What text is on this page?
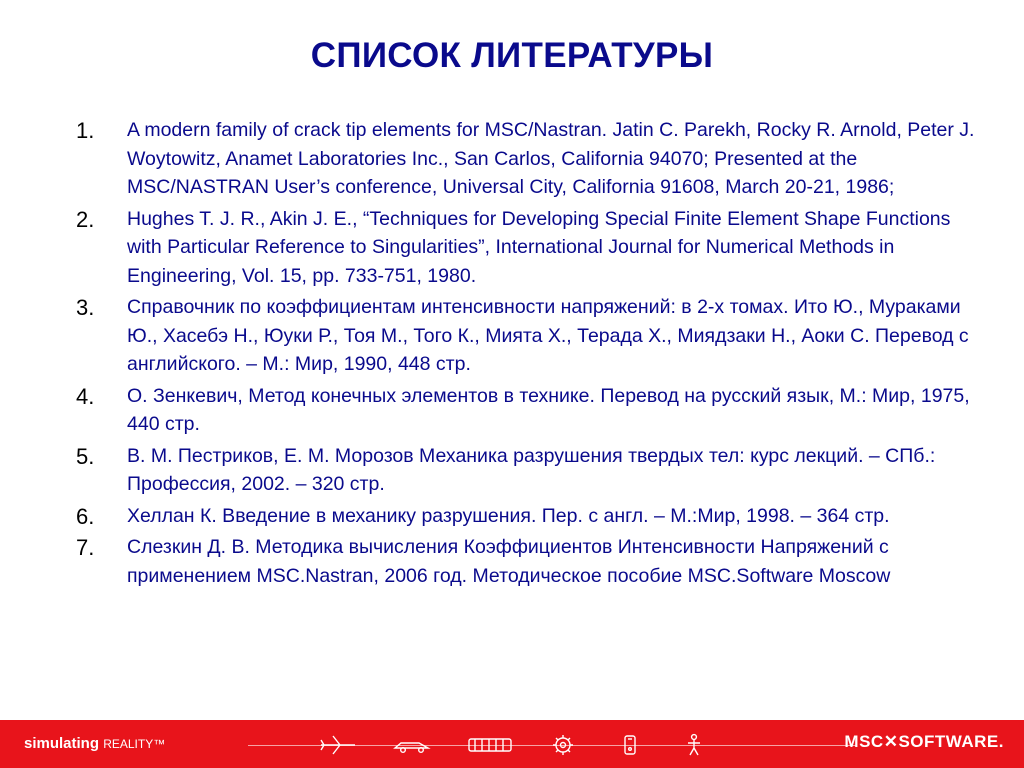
СПИСОК ЛИТЕРАТУРЫ
1. A modern family of crack tip elements for MSC/Nastran. Jatin C. Parekh, Rocky R. Arnold, Peter J. Woytowitz, Anamet Laboratories Inc., San Carlos, California 94070; Presented at the MSC/NASTRAN User’s conference, Universal City, California 91608, March 20-21, 1986;
2. Hughes T. J. R., Akin J. E., “Techniques for Developing Special Finite Element Shape Functions with Particular Reference to Singularities”, International Journal for Numerical Methods in Engineering, Vol. 15, pp. 733-751, 1980.
3. Справочник по коэффициентам интенсивности напряжений: в 2-х томах. Ито Ю., Мураками Ю., Хасебэ Н., Юуки Р., Тоя М., Того К., Мията Х., Терада Х., Миядзаки Н., Аоки С. Перевод с английского. – М.: Мир, 1990, 448 стр.
4. О. Зенкевич, Метод конечных элементов в технике. Перевод на русский язык, М.: Мир, 1975, 440 стр.
5. В. М. Пестриков, Е. М. Морозов Механика разрушения твердых тел: курс лекций. – СПб.: Профессия, 2002. – 320 стр.
6. Хеллан К. Введение в механику разрушения. Пер. с англ. – М.:Мир, 1998. – 364 стр.
7. Слезкин Д. В. Методика вычисления Коэффициентов Интенсивности Напряжений с применением MSC.Nastran, 2006 год. Методическое пособие MSC.Software Moscow
simulating REALITY™	MSC✕SOFTWARE.
